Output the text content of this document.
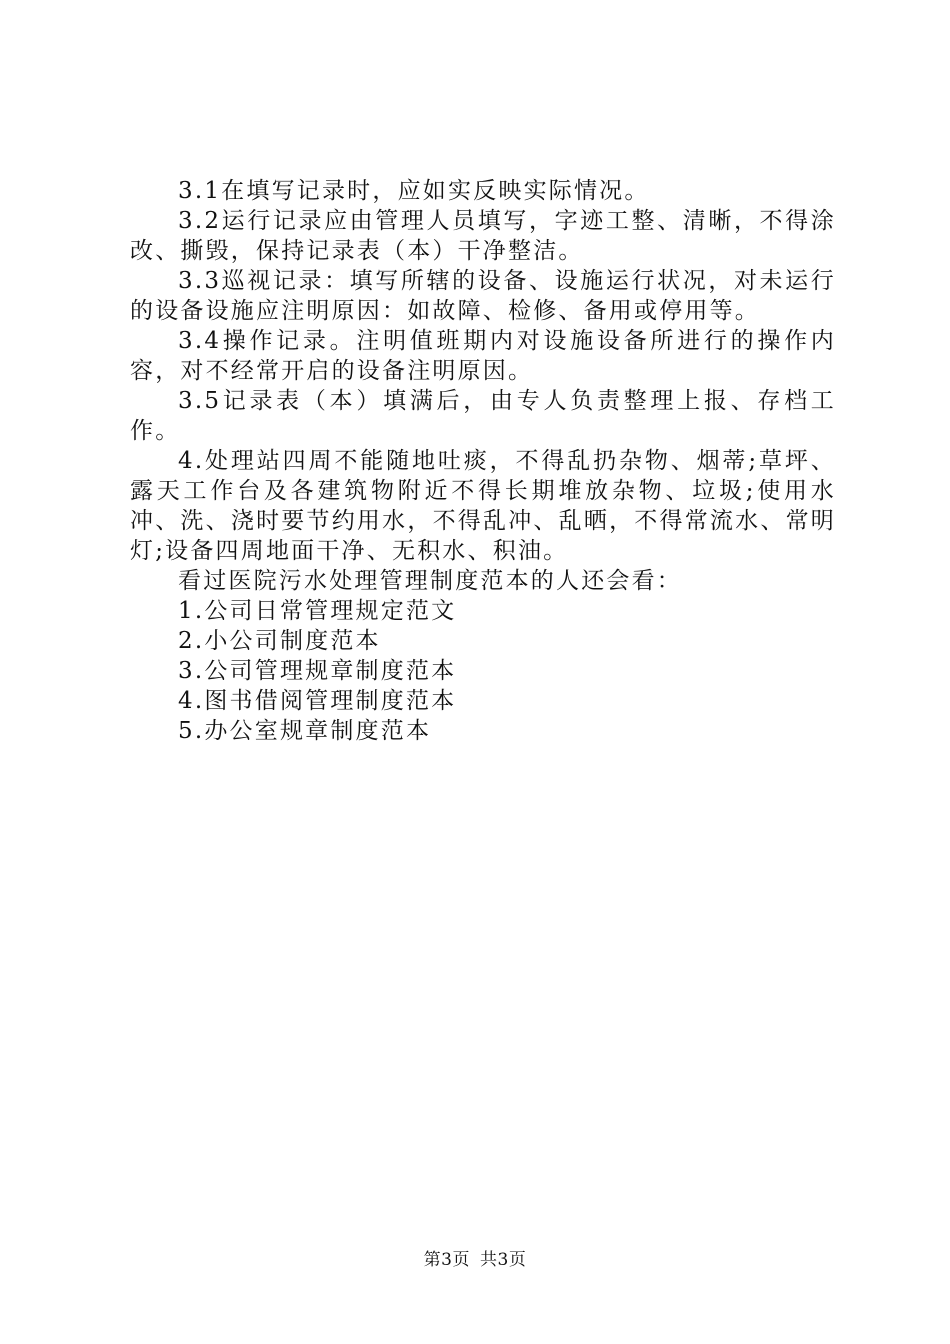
3.1在填写记录时，应如实反映实际情况。

3.2运行记录应由管理人员填写，字迹工整、清晰，不得涂改、撕毁，保持记录表（本）干净整洁。

3.3巡视记录：填写所辖的设备、设施运行状况，对未运行的设备设施应注明原因：如故障、检修、备用或停用等。

3.4操作记录。注明值班期内对设施设备所进行的操作内容，对不经常开启的设备注明原因。

3.5记录表（本）填满后，由专人负责整理上报、存档工作。

4.处理站四周不能随地吐痰，不得乱扔杂物、烟蒂;草坪、露天工作台及各建筑物附近不得长期堆放杂物、垃圾;使用水冲、洗、浇时要节约用水，不得乱冲、乱晒，不得常流水、常明灯;设备四周地面干净、无积水、积油。

看过医院污水处理管理制度范本的人还会看：

1.公司日常管理规定范文

2.小公司制度范本

3.公司管理规章制度范本

4.图书借阅管理制度范本

5.办公室规章制度范本

第3页 共3页
